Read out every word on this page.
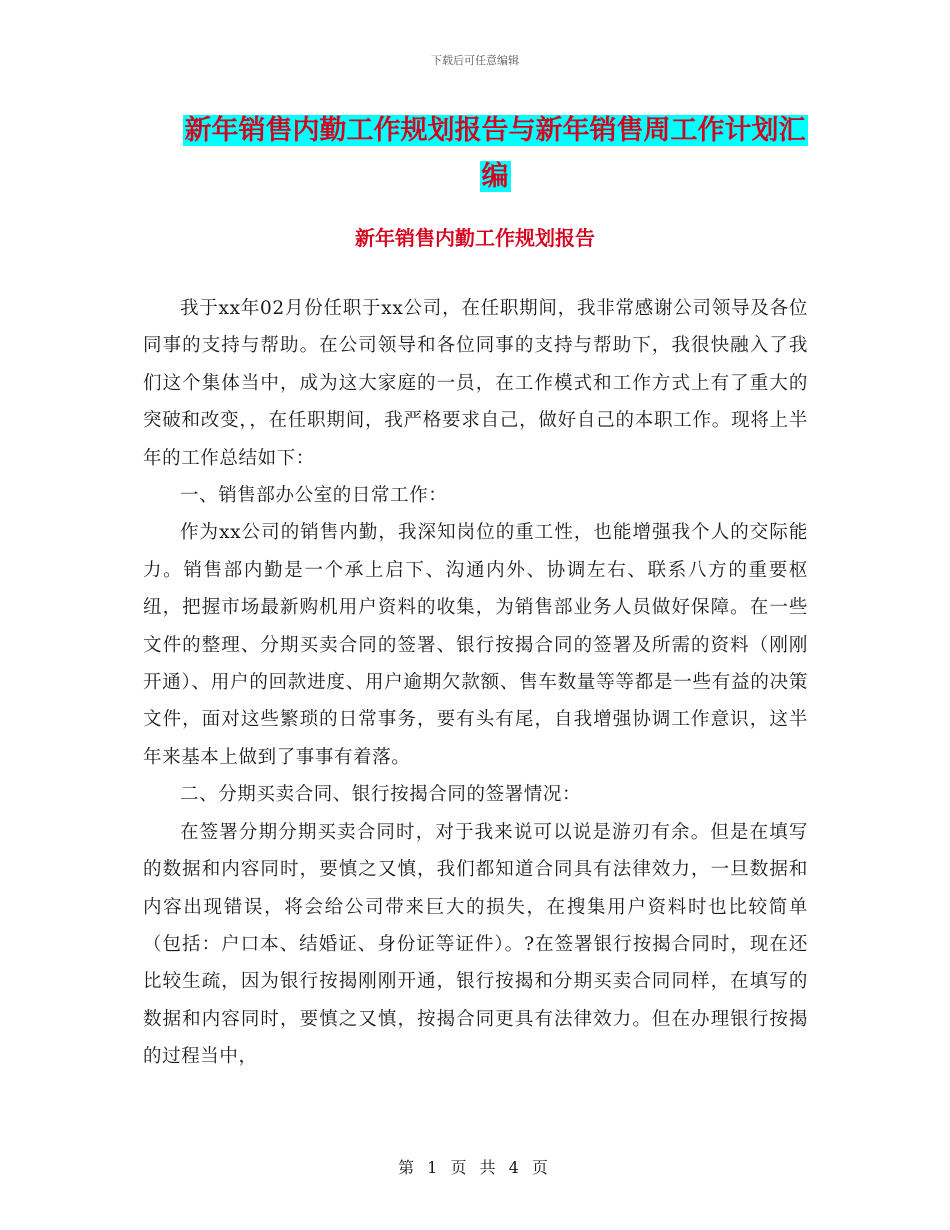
下载后可任意编辑
新年销售内勤工作规划报告与新年销售周工作计划汇
编
新年销售内勤工作规划报告

我于xx年02月份任职于xx公司，在任职期间，我非常感谢公司领导及各位同事的支持与帮助。在公司领导和各位同事的支持与帮助下，我很快融入了我们这个集体当中，成为这大家庭的一员，在工作模式和工作方式上有了重大的突破和改变，，在任职期间，我严格要求自己，做好自己的本职工作。现将上半年的工作总结如下：

一、销售部办公室的日常工作：

作为xx公司的销售内勤，我深知岗位的重工性，也能增强我个人的交际能力。销售部内勤是一个承上启下、沟通内外、协调左右、联系八方的重要枢纽，把握市场最新购机用户资料的收集，为销售部业务人员做好保障。在一些文件的整理、分期买卖合同的签署、银行按揭合同的签署及所需的资料（刚刚开通）、用户的回款进度、用户逾期欠款额、售车数量等等都是一些有益的决策文件，面对这些繁琐的日常事务，要有头有尾，自我增强协调工作意识，这半年来基本上做到了事事有着落。

二、分期买卖合同、银行按揭合同的签署情况：

在签署分期分期买卖合同时，对于我来说可以说是游刃有余。但是在填写的数据和内容同时，要慎之又慎，我们都知道合同具有法律效力，一旦数据和内容出现错误，将会给公司带来巨大的损失，在搜集用户资料时也比较简单（包括：户口本、结婚证、身份证等证件）。?在签署银行按揭合同时，现在还比较生疏，因为银行按揭刚刚开通，银行按揭和分期买卖合同同样，在填写的数据和内容同时，要慎之又慎，按揭合同更具有法律效力。但在办理银行按揭的过程当中，

第 1 页 共 4 页
